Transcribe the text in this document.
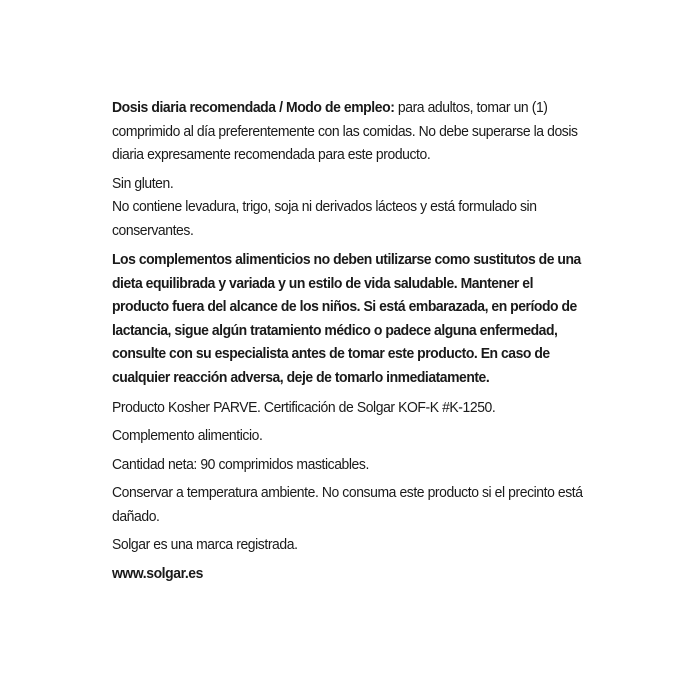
Dosis diaria recomendada / Modo de empleo: para adultos, tomar un (1) comprimido al día preferentemente con las comidas. No debe superarse la dosis diaria expresamente recomendada para este producto.

Sin gluten.

No contiene levadura, trigo, soja ni derivados lácteos y está formulado sin conservantes.

Los complementos alimenticios no deben utilizarse como sustitutos de una dieta equilibrada y variada y un estilo de vida saludable. Mantener el producto fuera del alcance de los niños. Si está embarazada, en período de lactancia, sigue algún tratamiento médico o padece alguna enfermedad, consulte con su especialista antes de tomar este producto. En caso de cualquier reacción adversa, deje de tomarlo inmediatamente.

Producto Kosher PARVE. Certificación de Solgar KOF-K #K-1250.

Complemento alimenticio.

Cantidad neta: 90 comprimidos masticables.

Conservar a temperatura ambiente. No consuma este producto si el precinto está dañado.

Solgar es una marca registrada.

www.solgar.es
